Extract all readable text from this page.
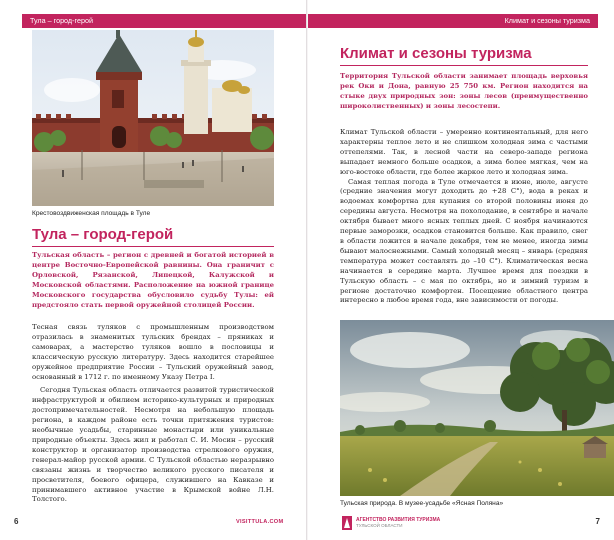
Тула – город-герой
Крестовоздвиженская площадь в Туле
Тула – город-герой

Тульская область – регион с древней и богатой историей в центре Восточно-Европейской равнины. Она граничит с Орловской, Рязанской, Липецкой, Калужской и Московской областями. Расположение на южной границе Московского государства обусловило судьбу Тулы: ей предстояло стать первой оружейной столицей России.

Тесная связь туляков с промышленным производством отразилась в знаменитых тульских брендах – пряниках и самоварах, а мастерство туляков вошло в пословицы и классическую русскую литературу. Здесь находится старейшее оружейное предприятие России – Тульский оружейный завод, основанный в 1712 г. по именному Указу Петра I.

Сегодня Тульская область отличается развитой туристической инфраструктурой и обилием историко-культурных и природных достопримечательностей. Несмотря на небольшую площадь региона, в каждом районе есть точки притяжения туристов: необычные усадьбы, старинные монастыри или уникальные природные объекты. Здесь жил и работал С. И. Мосин – русский конструктор и организатор производства стрелкового оружия, генерал-майор русской армии. С Тульской областью неразрывно связаны жизнь и творчество великого русского писателя и просветителя, боевого офицера, служившего на Кавказе и принимавшего активное участие в Крымской войне Л.Н. Толстого.

6	VISITTULA.COM
Климат и сезоны туризма
Климат и сезоны туризма

Территория Тульской области занимает площадь верховья рек Оки и Дона, равную 25 750 км. Регион находится на стыке двух природных зон: зоны лесов (преимущественно широколиственных) и зоны лесостепи.

Климат Тульской области – умеренно континентальный, для него характерны теплое лето и не слишком холодная зима с частыми оттепелями. Так, в лесной части на северо-западе региона выпадает немного больше осадков, а зима более мягкая, чем на юго-востоке области, где более жаркое лето и холодная зима.

Самая теплая погода в Туле отмечается в июне, июле, августе (средние значения могут доходить до +28 C°), вода в реках и водоемах комфортна для купания со второй половины июня до середины августа. Несмотря на похолодание, в сентябре и начале октября бывает много ясных теплых дней. С ноября начинаются первые заморозки, осадков становится больше. Как правило, снег в области ложится в начале декабря, тем не менее, иногда зимы бывают малоснежными. Самый холодный месяц – январь (средняя температура может составлять до –10 C°). Климатическая весна начинается в середине марта. Лучшее время для поездки в Тульскую область – с мая по октябрь, но и зимний туризм в регионе достаточно комфортен. Посещение областного центра интересно в любое время года, вне зависимости от погоды.

Тульская природа. В музее-усадьбе «Ясная Поляна»
АГЕНТСТВО РАЗВИТИЯ ТУРИЗМА
ТУЛЬСКОЙ ОБЛАСТИ	7
